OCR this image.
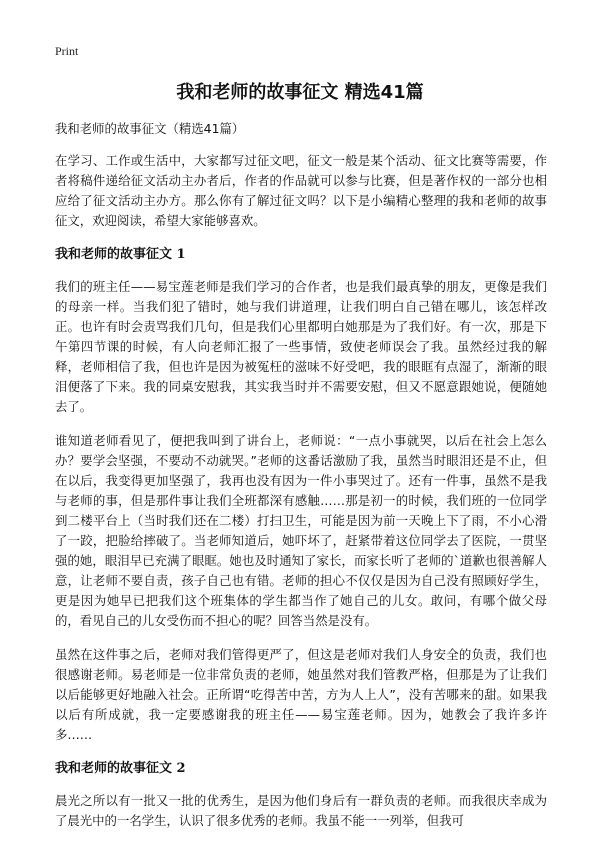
Print
我和老师的故事征文 精选41篇

我和老师的故事征文（精选41篇）

在学习、工作或生活中，大家都写过征文吧，征文一般是某个活动、征文比赛等需要，作者将稿件递给征文活动主办者后，作者的作品就可以参与比赛，但是著作权的一部分也相应给了征文活动主办方。那么你有了解过征文吗？以下是小编精心整理的我和老师的故事征文，欢迎阅读，希望大家能够喜欢。

我和老师的故事征文 1

我们的班主任——易宝莲老师是我们学习的合作者，也是我们最真挚的朋友，更像是我们的母亲一样。当我们犯了错时，她与我们讲道理，让我们明白自己错在哪儿，该怎样改正。也许有时会责骂我们几句，但是我们心里都明白她那是为了我们好。有一次，那是下午第四节课的时候，有人向老师汇报了一些事情，致使老师误会了我。虽然经过我的解释，老师相信了我，但也许是因为被冤枉的滋味不好受吧，我的眼眶有点湿了，渐渐的眼泪便落了下来。我的同桌安慰我，其实我当时并不需要安慰，但又不愿意跟她说，便随她去了。

谁知道老师看见了，便把我叫到了讲台上，老师说：“一点小事就哭，以后在社会上怎么办？要学会坚强，不要动不动就哭。”老师的这番话激励了我，虽然当时眼泪还是不止，但在以后，我变得更加坚强了，我再也没有因为一件小事哭过了。还有一件事，虽然不是我与老师的事，但是那件事让我们全班都深有感触……那是初一的时候，我们班的一位同学到二楼平台上（当时我们还在二楼）打扫卫生，可能是因为前一天晚上下了雨，不小心滑了一跤，把脸给摔破了。当老师知道后，她吓坏了，赶紧带着这位同学去了医院，一贯坚强的她，眼泪早已充满了眼眶。她也及时通知了家长，而家长听了老师的`道歉也很善解人意，让老师不要自责，孩子自己也有错。老师的担心不仅仅是因为自己没有照顾好学生，更是因为她早已把我们这个班集体的学生都当作了她自己的儿女。敢问，有哪个做父母的，看见自己的儿女受伤而不担心的呢？回答当然是没有。

虽然在这件事之后，老师对我们管得更严了，但这是老师对我们人身安全的负责，我们也很感谢老师。易老师是一位非常负责的老师，她虽然对我们管教严格，但那是为了让我们以后能够更好地融入社会。正所谓“吃得苦中苦，方为人上人”，没有苦哪来的甜。如果我以后有所成就，我一定要感谢我的班主任——易宝莲老师。因为，她教会了我许多许多……

我和老师的故事征文 2

晨光之所以有一批又一批的优秀生，是因为他们身后有一群负责的老师。而我很庆幸成为了晨光中的一名学生，认识了很多优秀的老师。我虽不能一一列举，但我可
